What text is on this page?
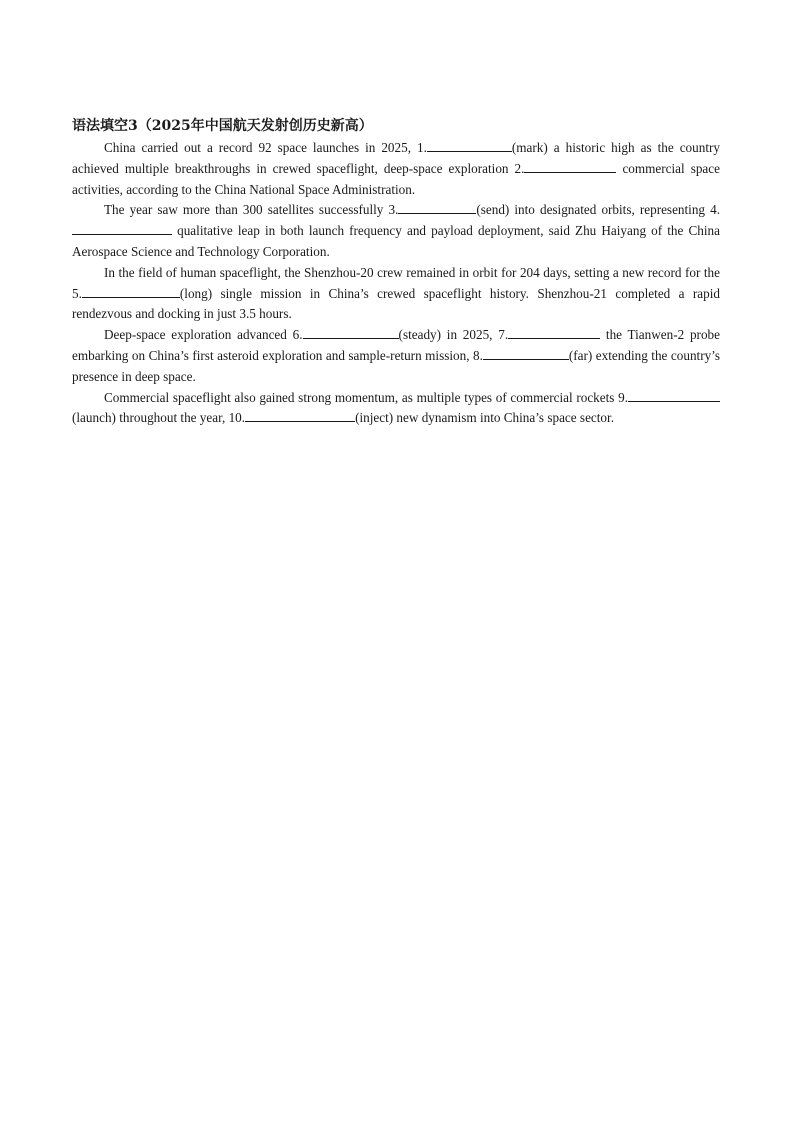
语法填空3（2025年中国航天发射创历史新高）

China carried out a record 92 space launches in 2025, 1.	(mark) a historic high as the country achieved multiple breakthroughs in crewed spaceflight, deep-space exploration 2.	commercial space activities, according to the China National Space Administration.

The year saw more than 300 satellites successfully 3.	(send) into designated orbits, representing 4. qualitative leap in both launch frequency and payload deployment, said Zhu Haiyang of the China Aerospace Science and Technology Corporation.

In the field of human spaceflight, the Shenzhou-20 crew remained in orbit for 204 days, setting a new record for the 5.	(long) single mission in China’s crewed spaceflight history. Shenzhou-21 completed a rapid rendezvous and docking in just 3.5 hours.

Deep-space exploration advanced 6.	(steady) in 2025, 7.	the Tianwen-2 probe embarking on China’s first asteroid exploration and sample-return mission, 8.	(far) extending the country’s presence in deep space.

Commercial spaceflight also gained strong momentum, as multiple types of commercial rockets 9.(launch) throughout the year, 10.	(inject) new dynamism into China’s space sector.
